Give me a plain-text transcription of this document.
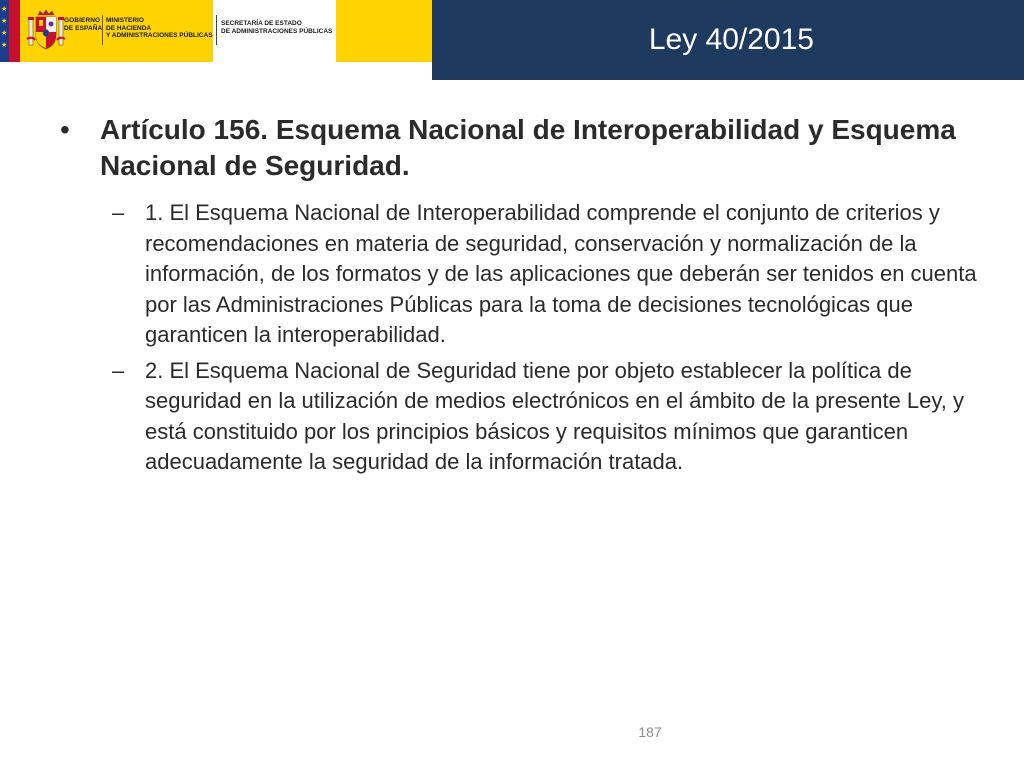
★
★
★
★
GOBIERNO
DE ESPAÑA
MINISTERIO
DE HACIENDA
Y ADMINISTRACIONES PÚBLICAS
SECRETARÍA DE ESTADO
DE ADMINISTRACIONES PÚBLICAS	Ley 40/2015
• Artículo 156. Esquema Nacional de Interoperabilidad y Esquema Nacional de Seguridad.
– 1. El Esquema Nacional de Interoperabilidad comprende el conjunto de criterios y recomendaciones en materia de seguridad, conservación y normalización de la información, de los formatos y de las aplicaciones que deberán ser tenidos en cuenta por las Administraciones Públicas para la toma de decisiones tecnológicas que garanticen la interoperabilidad.
– 2. El Esquema Nacional de Seguridad tiene por objeto establecer la política de seguridad en la utilización de medios electrónicos en el ámbito de la presente Ley, y está constituido por los principios básicos y requisitos mínimos que garanticen adecuadamente la seguridad de la información tratada.
187
